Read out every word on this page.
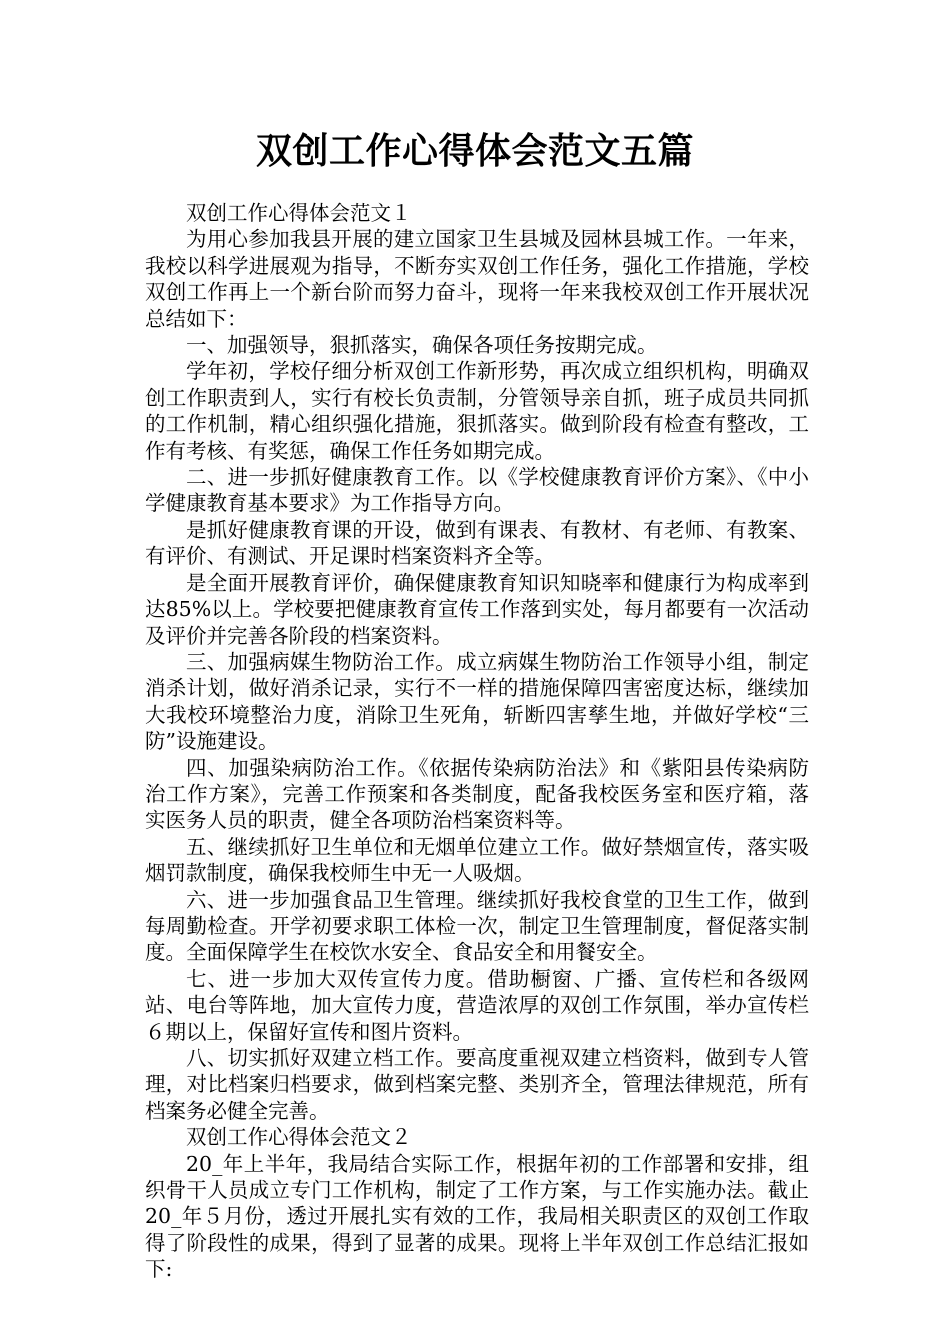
双创工作心得体会范文五篇

双创工作心得体会范文１

为用心参加我县开展的建立国家卫生县城及园林县城工作。一年来，我校以科学进展观为指导，不断夯实双创工作任务，强化工作措施，学校双创工作再上一个新台阶而努力奋斗，现将一年来我校双创工作开展状况总结如下：

一、加强领导，狠抓落实，确保各项任务按期完成。

学年初，学校仔细分析双创工作新形势，再次成立组织机构，明确双创工作职责到人，实行有校长负责制，分管领导亲自抓，班子成员共同抓的工作机制，精心组织强化措施，狠抓落实。做到阶段有检查有整改，工作有考核、有奖惩，确保工作任务如期完成。

二、进一步抓好健康教育工作。以《学校健康教育评价方案》、《中小学健康教育基本要求》为工作指导方向。

是抓好健康教育课的开设，做到有课表、有教材、有老师、有教案、有评价、有测试、开足课时档案资料齐全等。

是全面开展教育评价，确保健康教育知识知晓率和健康行为构成率到达85%以上。学校要把健康教育宣传工作落到实处，每月都要有一次活动及评价并完善各阶段的档案资料。

三、加强病媒生物防治工作。成立病媒生物防治工作领导小组，制定消杀计划，做好消杀记录，实行不一样的措施保障四害密度达标，继续加大我校环境整治力度，消除卫生死角，斩断四害孳生地，并做好学校“三防”设施建设。

四、加强染病防治工作。《依据传染病防治法》和《紫阳县传染病防治工作方案》，完善工作预案和各类制度，配备我校医务室和医疗箱，落实医务人员的职责，健全各项防治档案资料等。

五、继续抓好卫生单位和无烟单位建立工作。做好禁烟宣传，落实吸烟罚款制度，确保我校师生中无一人吸烟。

六、进一步加强食品卫生管理。继续抓好我校食堂的卫生工作，做到每周勤检查。开学初要求职工体检一次，制定卫生管理制度，督促落实制度。全面保障学生在校饮水安全、食品安全和用餐安全。

七、进一步加大双传宣传力度。借助橱窗、广播、宣传栏和各级网站、电台等阵地，加大宣传力度，营造浓厚的双创工作氛围，举办宣传栏６期以上，保留好宣传和图片资料。

八、切实抓好双建立档工作。要高度重视双建立档资料，做到专人管理，对比档案归档要求，做到档案完整、类别齐全，管理法律规范，所有档案务必健全完善。

双创工作心得体会范文２

20_年上半年，我局结合实际工作，根据年初的工作部署和安排，组织骨干人员成立专门工作机构，制定了工作方案，与工作实施办法。截止20_年５月份，透过开展扎实有效的工作，我局相关职责区的双创工作取得了阶段性的成果，得到了显著的成果。现将上半年双创工作总结汇报如下:
